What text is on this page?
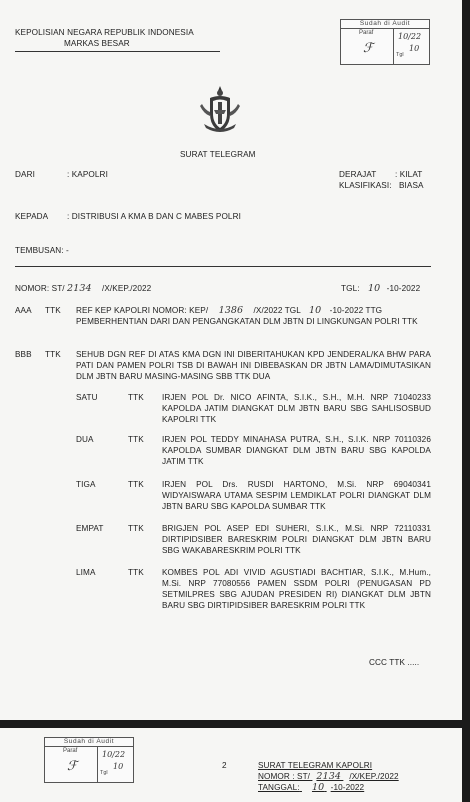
KEPOLISIAN NEGARA REPUBLIK INDONESIA
MARKAS BESAR
Sudah di Audit
Paraf
ℱ
10/22
Tgl
10
SURAT TELEGRAM
DARI	: KAPOLRI	DERAJAT : KILAT
KLASIFIKASI: BIASA
KEPADA : DISTRIBUSI A KMA B DAN C MABES POLRI
TEMBUSAN: -
NOMOR: ST/ 2134 /X/KEP./2022	TGL: 10 -10-2022
AAA TTK REF KEP KAPOLRI NOMOR: KEP/ 1386 /X/2022 TGL 10 -10-2022 TTG
PEMBERHENTIAN DARI DAN PENGANGKATAN DLM JBTN DI LINGKUNGAN POLRI TTK
BBB TTK SEHUB DGN REF DI ATAS KMA DGN INI DIBERITAHUKAN KPD JENDERAL/KA BHW PARA PATI DAN PAMEN POLRI TSB DI BAWAH INI DIBEBASKAN DR JBTN LAMA/DIMUTASIKAN DLM JBTN BARU MASING-MASING SBB TTK DUA
SATU	TTK IRJEN POL Dr. NICO AFINTA, S.I.K., S.H., M.H. NRP 71040233 KAPOLDA JATIM DIANGKAT DLM JBTN BARU SBG SAHLISOSBUD KAPOLRI TTK
DUA	TTK IRJEN POL TEDDY MINAHASA PUTRA, S.H., S.I.K. NRP 70110326 KAPOLDA SUMBAR DIANGKAT DLM JBTN BARU SBG KAPOLDA JATIM TTK
TIGA	TTK IRJEN POL Drs. RUSDI HARTONO, M.Si. NRP 69040341 WIDYAISWARA UTAMA SESPIM LEMDIKLAT POLRI DIANGKAT DLM JBTN BARU SBG KAPOLDA SUMBAR TTK
EMPAT	TTK BRIGJEN POL ASEP EDI SUHERI, S.I.K., M.Si. NRP 72110331 DIRTIPIDSIBER BARESKRIM POLRI DIANGKAT DLM JBTN BARU SBG WAKABARESKRIM POLRI TTK
LIMA	TTK KOMBES POL ADI VIVID AGUSTIADI BACHTIAR, S.I.K., M.Hum., M.Si. NRP 77080556 PAMEN SSDM POLRI (PENUGASAN PD SETMILPRES SBG AJUDAN PRESIDEN RI) DIANGKAT DLM JBTN BARU SBG DIRTIPIDSIBER BARESKRIM POLRI TTK
CCC TTK .....
Sudah di Audit
Paraf
ℱ
10/22
Tgl
10	2	SURAT TELEGRAM KAPOLRI
NOMOR : ST/ 2134 /X/KEP./2022
TANGGAL: 10 -10-2022
